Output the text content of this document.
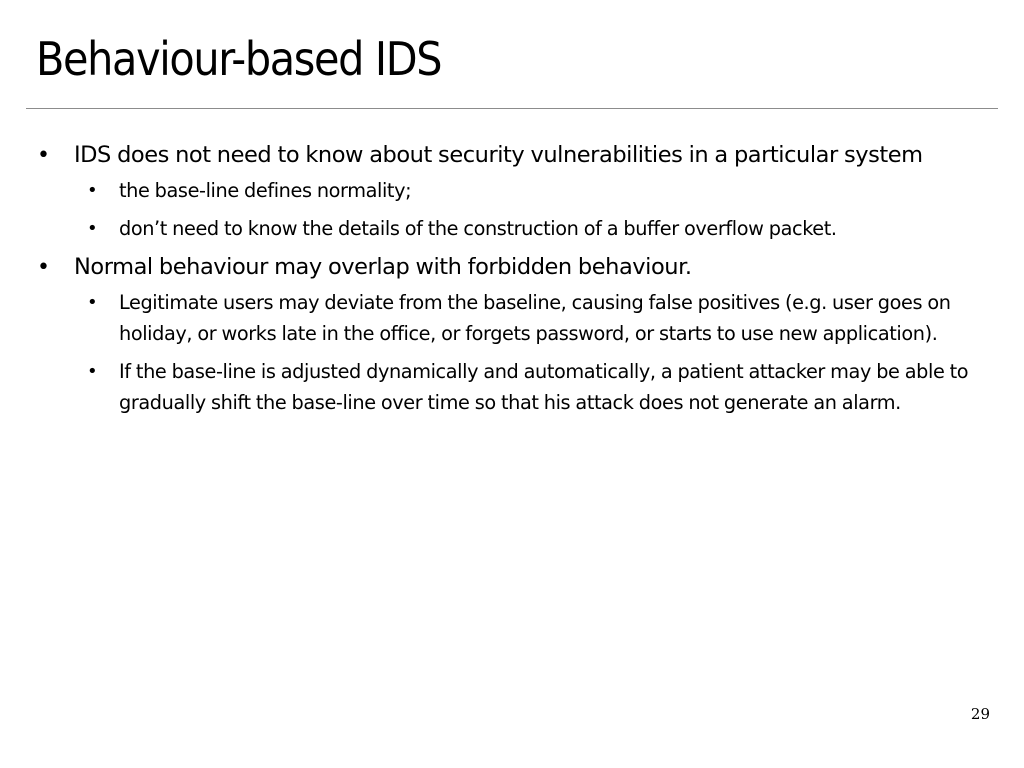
Behaviour-based IDS
• IDS does not need to know about security vulnerabilities in a particular system
• the base-line defines normality;
• don’t need to know the details of the construction of a buffer overflow packet.
• Normal behaviour may overlap with forbidden behaviour.
• Legitimate users may deviate from the baseline, causing false positives (e.g. user goes on holiday, or works late in the office, or forgets password, or starts to use new application).
• If the base-line is adjusted dynamically and automatically, a patient attacker may be able to gradually shift the base-line over time so that his attack does not generate an alarm.
29
